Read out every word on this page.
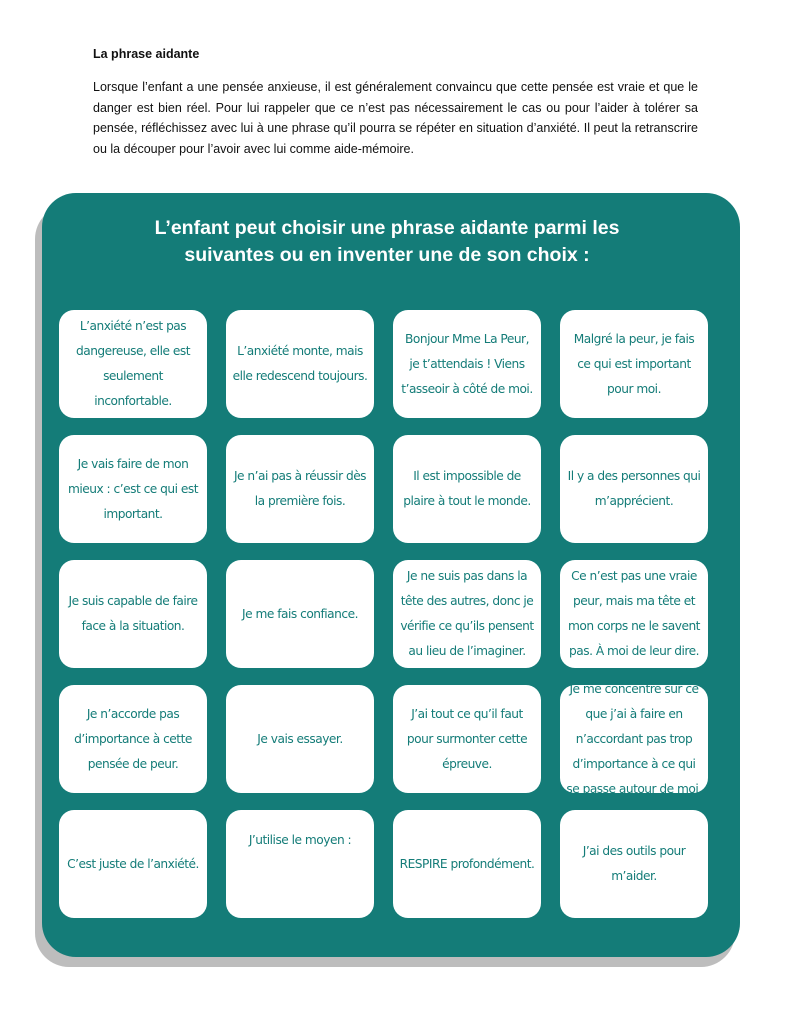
La phrase aidante

Lorsque l’enfant a une pensée anxieuse, il est généralement convaincu que cette pensée est vraie et que le danger est bien réel. Pour lui rappeler que ce n’est pas nécessairement le cas ou pour l’aider à tolérer sa pensée, réfléchissez avec lui à une phrase qu’il pourra se répéter en situation d’anxiété. Il peut la retranscrire ou la découper pour l’avoir avec lui comme aide-mémoire.

L’enfant peut choisir une phrase aidante parmi les
suivantes ou en inventer une de son choix :
L’anxiété n’est pas dangereuse, elle est seulement inconfortable.
L’anxiété monte, mais elle redescend toujours.
Bonjour Mme La Peur, je t’attendais ! Viens t’asseoir à côté de moi.
Malgré la peur, je fais ce qui est important pour moi.
Je vais faire de mon mieux : c’est ce qui est important.
Je n’ai pas à réussir dès la première fois.
Il est impossible de plaire à tout le monde.
Il y a des personnes qui m’apprécient.
Je suis capable de faire face à la situation.
Je me fais confiance.
Je ne suis pas dans la tête des autres, donc je vérifie ce qu’ils pensent au lieu de l’imaginer.
Ce n’est pas une vraie peur, mais ma tête et mon corps ne le savent pas. À moi de leur dire.
Je n’accorde pas d’importance à cette pensée de peur.
Je vais essayer.
J’ai tout ce qu’il faut pour surmonter cette épreuve.
Je me concentre sur ce que j’ai à faire en n’accordant pas trop d’importance à ce qui se passe autour de moi.
C’est juste de l’anxiété.
J’utilise le moyen :
RESPIRE profondément.
J’ai des outils pour m’aider.
